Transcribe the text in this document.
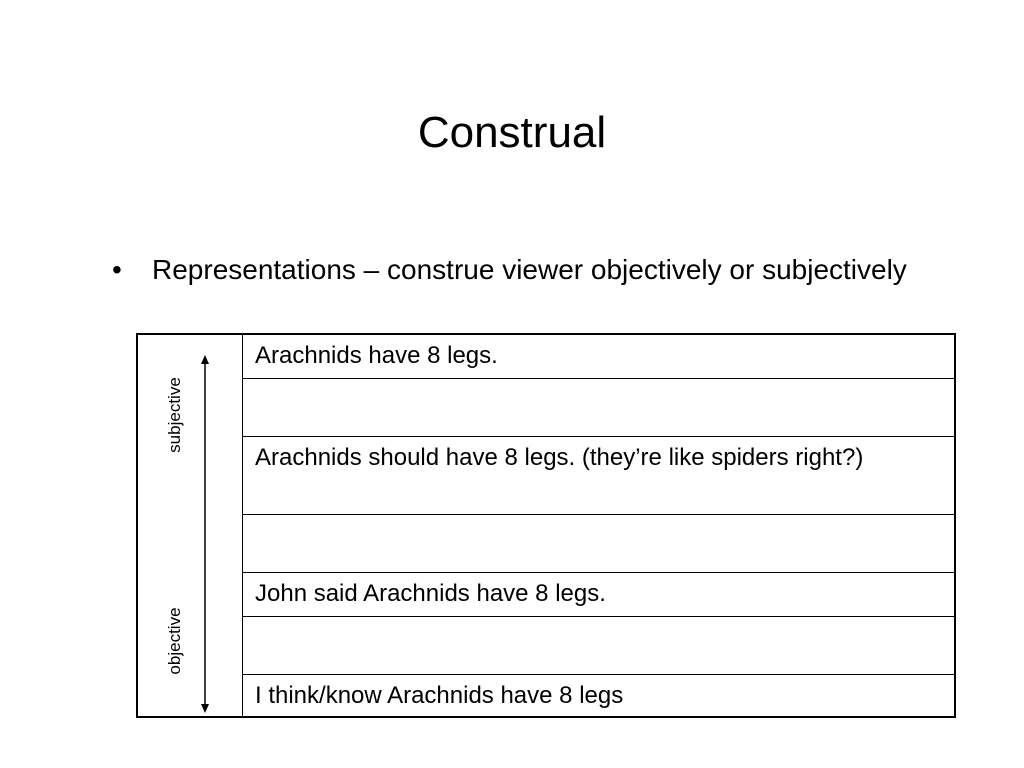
Construal
•	Representations – construe viewer objectively or subjectively
subjective
objective
Arachnids have 8 legs.
Arachnids should have 8 legs. (they’re like spiders right?)
John said Arachnids have 8 legs.
I think/know Arachnids have 8 legs
